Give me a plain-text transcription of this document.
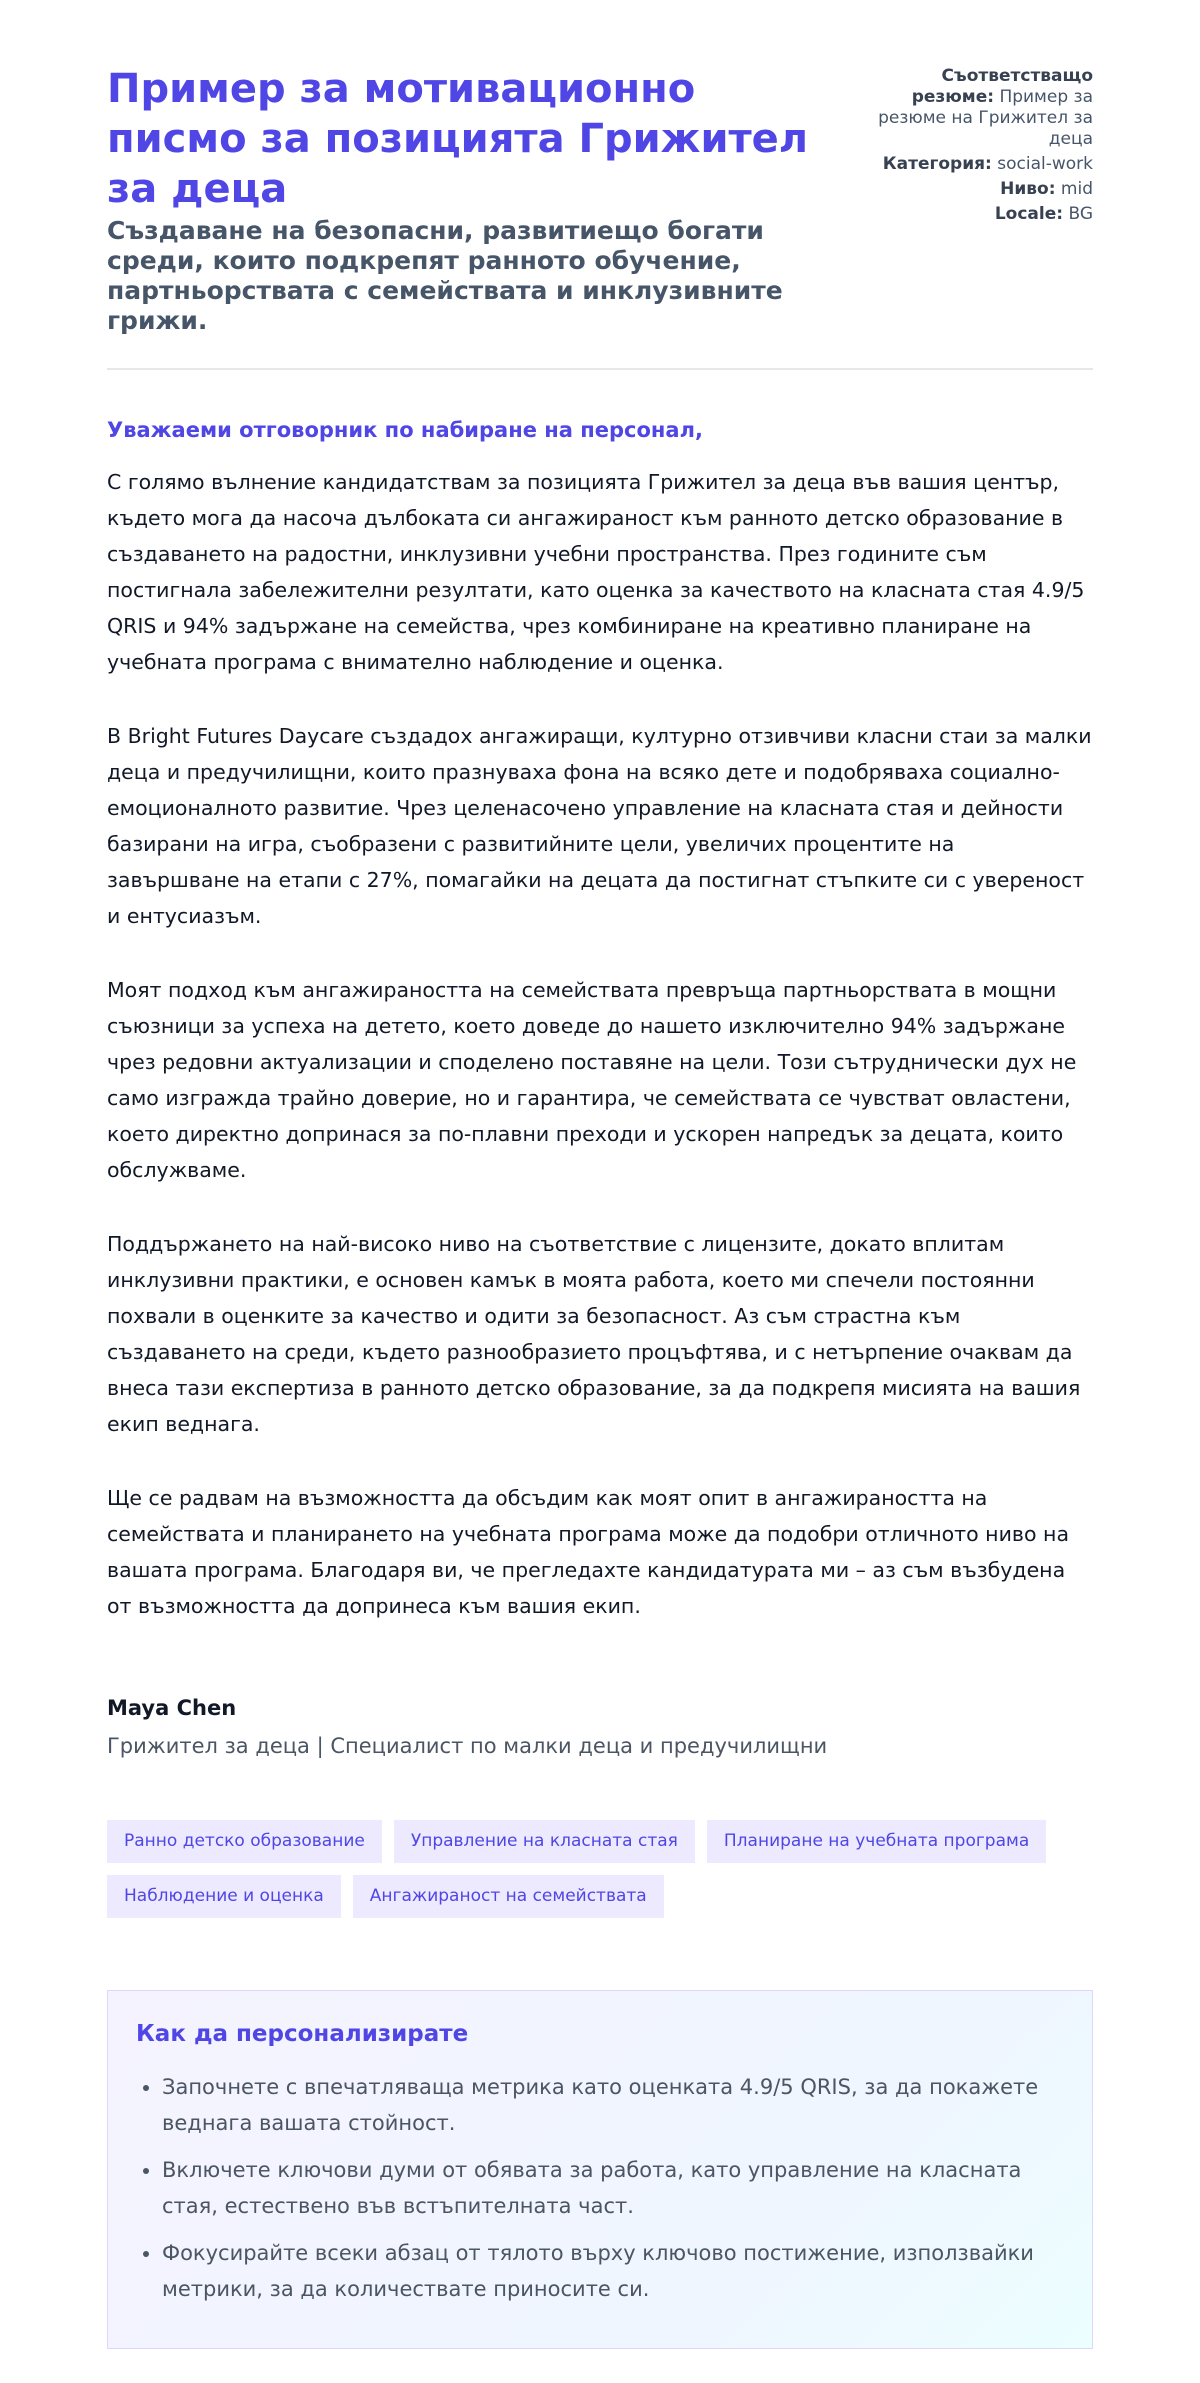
Пример за мотивационно писмо за позицията Грижител за деца
Създаване на безопасни, развитиещо богати среди, които подкрепят ранното обучение, партньорствата с семействата и инклузивните грижи.
Съответстващо резюме: Пример за резюме на Грижител за деца
Категория: social-work
Ниво: mid
Locale: BG
Уважаеми отговорник по набиране на персонал,

С голямо вълнение кандидатствам за позицията Грижител за деца във вашия център, където мога да насоча дълбоката си ангажираност към ранното детско образование в създаването на радостни, инклузивни учебни пространства. През годините съм постигнала забележителни резултати, като оценка за качеството на класната стая 4.9/5 QRIS и 94% задържане на семейства, чрез комбиниране на креативно планиране на учебната програма с внимателно наблюдение и оценка.

В Bright Futures Daycare създадох ангажиращи, културно отзивчиви класни стаи за малки деца и предучилищни, които празнуваха фона на всяко дете и подобряваха социално-емоционалното развитие. Чрез целенасочено управление на класната стая и дейности базирани на игра, съобразени с развитийните цели, увеличих процентите на завършване на етапи с 27%, помагайки на децата да постигнат стъпките си с увереност и ентусиазъм.

Моят подход към ангажираността на семействата превръща партньорствата в мощни съюзници за успеха на детето, което доведе до нашето изключително 94% задържане чрез редовни актуализации и споделено поставяне на цели. Този сътруднически дух не само изгражда трайно доверие, но и гарантира, че семействата се чувстват овластени, което директно допринася за по-плавни преходи и ускорен напредък за децата, които обслужваме.

Поддържането на най-високо ниво на съответствие с лицензите, докато вплитам инклузивни практики, е основен камък в моята работа, което ми спечели постоянни похвали в оценките за качество и одити за безопасност. Аз съм страстна към създаването на среди, където разнообразието процъфтява, и с нетърпение очаквам да внеса тази експертиза в ранното детско образование, за да подкрепя мисията на вашия екип веднага.

Ще се радвам на възможността да обсъдим как моят опит в ангажираността на семействата и планирането на учебната програма може да подобри отличното ниво на вашата програма. Благодаря ви, че прегледахте кандидатурата ми – аз съм възбудена от възможността да допринеса към вашия екип.

Maya Chen
Грижител за деца | Специалист по малки деца и предучилищни
Ранно детско образование	Управление на класната стая	Планиране на учебната програма
Наблюдение и оценка	Ангажираност на семействата
Как да персонализирате
• Започнете с впечатляваща метрика като оценката 4.9/5 QRIS, за да покажете веднага вашата стойност.
• Включете ключови думи от обявата за работа, като управление на класната стая, естествено във встъпителната част.
• Фокусирайте всеки абзац от тялото върху ключово постижение, използвайки метрики, за да количествате приносите си.
